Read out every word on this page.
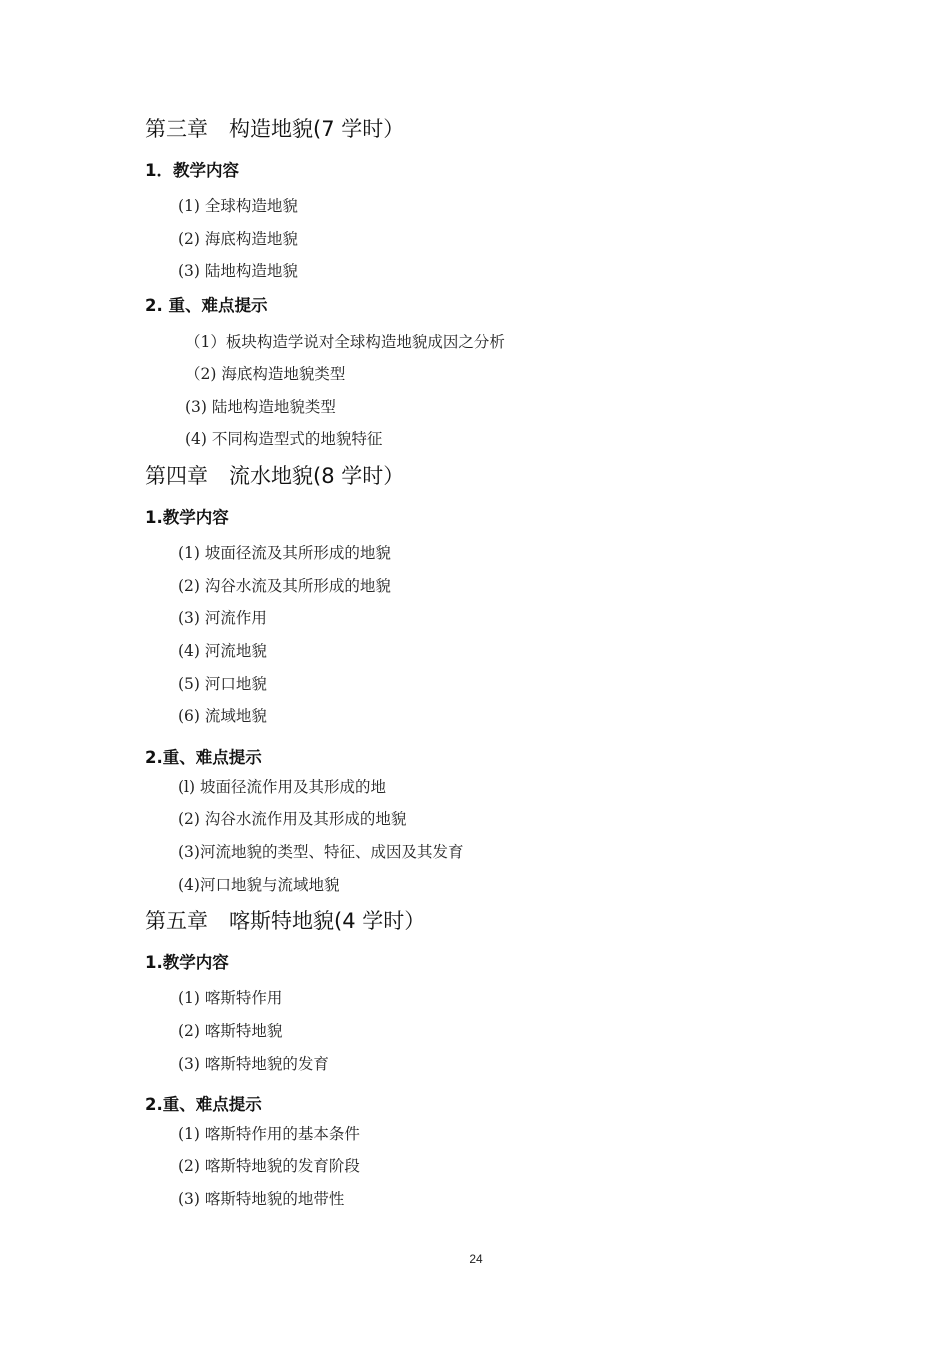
第三章　构造地貌(7 学时）
1．教学内容
(1) 全球构造地貌
(2) 海底构造地貌
(3) 陆地构造地貌
2. 重、难点提示
（1）板块构造学说对全球构造地貌成因之分析
（2) 海底构造地貌类型
(3) 陆地构造地貌类型
(4) 不同构造型式的地貌特征
第四章　流水地貌(8 学时）
1.教学内容
(1) 坡面径流及其所形成的地貌
(2) 沟谷水流及其所形成的地貌
(3) 河流作用
(4) 河流地貌
(5) 河口地貌
(6) 流域地貌
2.重、难点提示
(l) 坡面径流作用及其形成的地
(2) 沟谷水流作用及其形成的地貌
(3)河流地貌的类型、特征、成因及其发育
(4)河口地貌与流域地貌
第五章　喀斯特地貌(4 学时）
1.教学内容
(1) 喀斯特作用
(2) 喀斯特地貌
(3) 喀斯特地貌的发育
2.重、难点提示
(1) 喀斯特作用的基本条件
(2) 喀斯特地貌的发育阶段
(3) 喀斯特地貌的地带性
24
